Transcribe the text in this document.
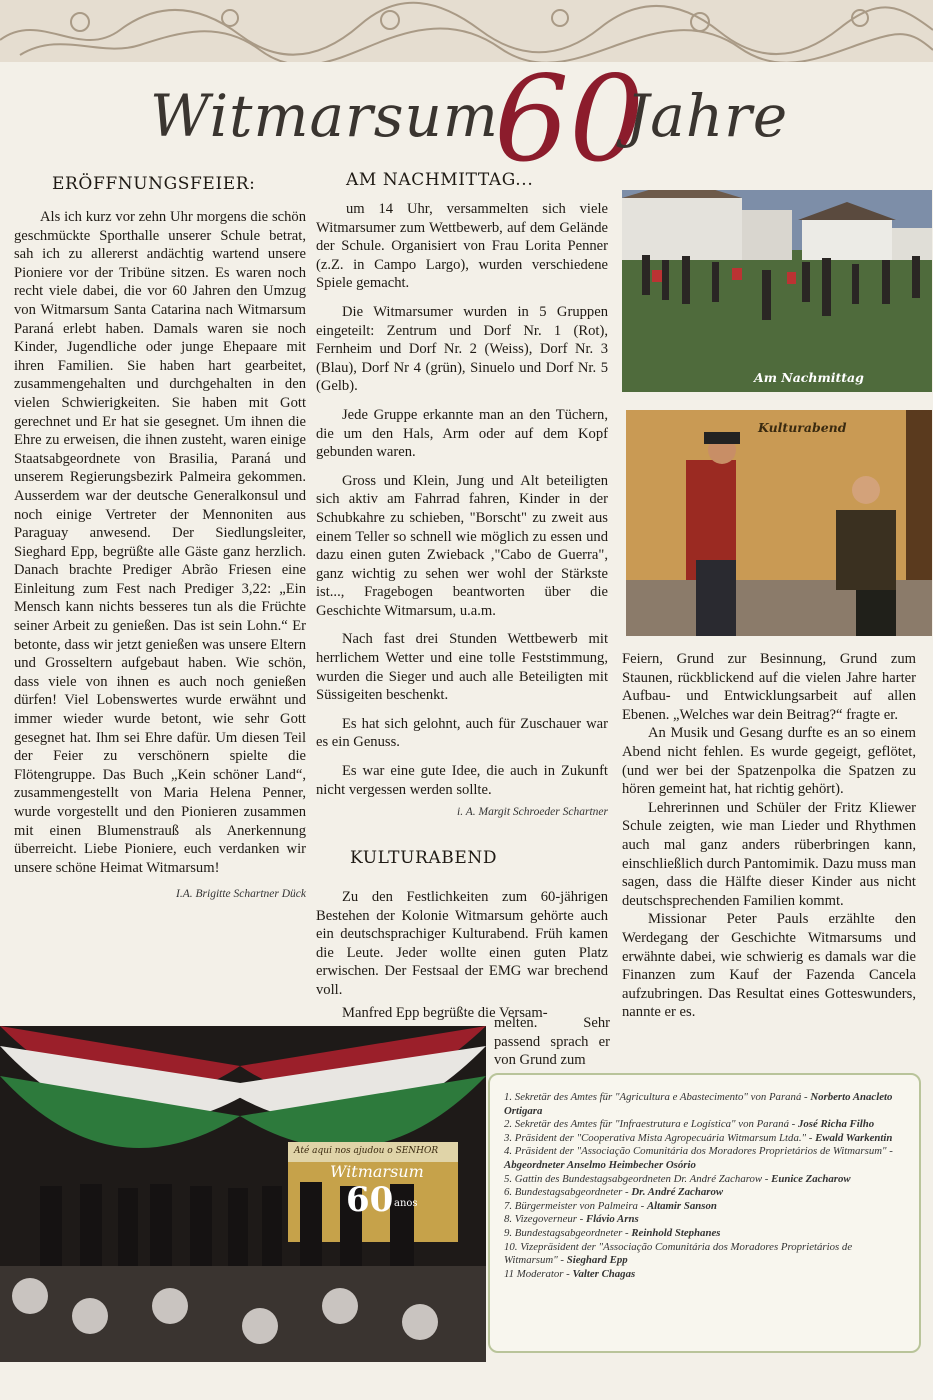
Witmarsum
60
Jahre
ERÖFFNUNGSFEIER:

Als ich kurz vor zehn Uhr morgens die schön geschmückte Sporthalle unserer Schule betrat, sah ich zu allererst andächtig wartend unsere Pioniere vor der Tribüne sitzen. Es waren noch recht viele dabei, die vor 60 Jahren den Umzug von Witmarsum Santa Catarina nach Witmarsum Paraná erlebt haben. Damals waren sie noch Kinder, Jugendliche oder junge Ehepaare mit ihren Familien. Sie haben hart gearbeitet, zusammengehalten und durchgehalten in den vielen Schwierigkeiten. Sie haben mit Gott gerechnet und Er hat sie gesegnet. Um ihnen die Ehre zu erweisen, die ihnen zusteht, waren einige Staatsabgeordnete von Brasilia, Paraná und unserem Regierungsbezirk Palmeira gekommen. Ausserdem war der deutsche Generalkonsul und noch einige Vertreter der Mennoniten aus Paraguay anwesend. Der Siedlungsleiter, Sieghard Epp, begrüßte alle Gäste ganz herzlich. Danach brachte Prediger Abrão Friesen eine Einleitung zum Fest nach Prediger 3,22: „Ein Mensch kann nichts besseres tun als die Früchte seiner Arbeit zu genießen. Das ist sein Lohn.“ Er betonte, dass wir jetzt genießen was unsere Eltern und Grosseltern aufgebaut haben. Wie schön, dass viele von ihnen es auch noch genießen dürfen! Viel Lobenswertes wurde erwähnt und immer wieder wurde betont, wie sehr Gott gesegnet hat. Ihm sei Ehre dafür. Um diesen Teil der Feier zu verschönern spielte die Flötengruppe. Das Buch „Kein schöner Land“, zusammengestellt von Maria Helena Penner, wurde vorgestellt und den Pionieren zusammen mit einen Blumenstrauß als Anerkennung überreicht. Liebe Pioniere, euch verdanken wir unsere schöne Heimat Witmarsum!

I.A. Brigitte Schartner Dück
AM NACHMITTAG...

um 14 Uhr, versammelten sich viele Witmarsumer zum Wettbewerb, auf dem Gelände der Schule. Organisiert von Frau Lorita Penner (z.Z. in Campo Largo), wurden verschiedene Spiele gemacht.

Die Witmarsumer wurden in 5 Gruppen eingeteilt: Zentrum und Dorf Nr. 1 (Rot), Fernheim und Dorf Nr. 2 (Weiss), Dorf Nr. 3 (Blau), Dorf Nr 4 (grün), Sinuelo und Dorf Nr. 5 (Gelb).

Jede Gruppe erkannte man an den Tüchern, die um den Hals, Arm oder auf dem Kopf gebunden waren.

Gross und Klein, Jung und Alt beteiligten sich aktiv am Fahrrad fahren, Kinder in der Schubkahre zu schieben, "Borscht" zu zweit aus einem Teller so schnell wie möglich zu essen und dazu einen guten Zwieback ,"Cabo de Guerra", ganz wichtig zu sehen wer wohl der Stärkste ist..., Fragebogen beantworten über die Geschichte Witmarsum, u.a.m.

Nach fast drei Stunden Wettbewerb mit herrlichem Wetter und eine tolle Feststimmung, wurden die Sieger und auch alle Beteiligten mit Süssigeiten beschenkt.

Es hat sich gelohnt, auch für Zuschauer war es ein Genuss.

Es war eine gute Idee, die auch in Zukunft nicht vergessen werden sollte.

i. A. Margit Schroeder Schartner
KULTURABEND

Zu den Festlichkeiten zum 60-jährigen Bestehen der Kolonie Witmarsum gehörte auch ein deutschsprachiger Kulturabend. Früh kamen die Leute. Jeder wollte einen guten Platz erwischen. Der Festsaal der EMG war brechend voll.

Manfred Epp begrüßte die Versam-

melten. Sehr passend sprach er von Grund zum

Feiern, Grund zur Besinnung, Grund zum Staunen, rückblickend auf die vielen Jahre harter Aufbau- und Entwicklungsarbeit auf allen Ebenen. „Welches war dein Beitrag?“ fragte er.

An Musik und Gesang durfte es an so einem Abend nicht fehlen. Es wurde gegeigt, geflötet, (und wer bei der Spatzenpolka die Spatzen zu hören gemeint hat, hat richtig gehört).

Lehrerinnen und Schüler der Fritz Kliewer Schule zeigten, wie man Lieder und Rhythmen auch mal ganz anders rüberbringen kann, einschließlich durch Pantomimik. Dazu muss man sagen, dass die Hälfte dieser Kinder aus nicht deutschsprechenden Familien kommt.

Missionar Peter Pauls erzählte den Werdegang der Geschichte Witmarsums und erwähnte dabei, wie schwierig es damals war die Finanzen zum Kauf der Fazenda Cancela aufzubringen. Das Resultat eines Gotteswunders, nannte er es.

Am Nachmittag
Kulturabend
Até aqui nos ajudou o SENHOR
Witmarsum
60 anos
1. Sekretär des Amtes für "Agricultura e Abastecimento" von Paraná - Norberto Anacleto Ortigara
2. Sekretär des Amtes für "Infraestrutura e Logística" von Paraná - José Richa Filho
3. Präsident der "Cooperativa Mista Agropecuária Witmarsum Ltda." - Ewald Warkentin
4. Präsident der "Associação Comunitária dos Moradores Proprietários de Witmarsum" - Abgeordneter Anselmo Heimbecher Osório
5. Gattin des Bundestagsabgeordneten Dr. André Zacharow - Eunice Zacharow
6. Bundestagsabgeordneter - Dr. André Zacharow
7. Bürgermeister von Palmeira - Altamir Sanson
8. Vizegoverneur - Flávio Arns
9. Bundestagsabgeordneter - Reinhold Stephanes
10. Vizepräsident der "Associação Comunitária dos Moradores Proprietários de Witmarsum" - Sieghard Epp
11 Moderator - Valter Chagas
